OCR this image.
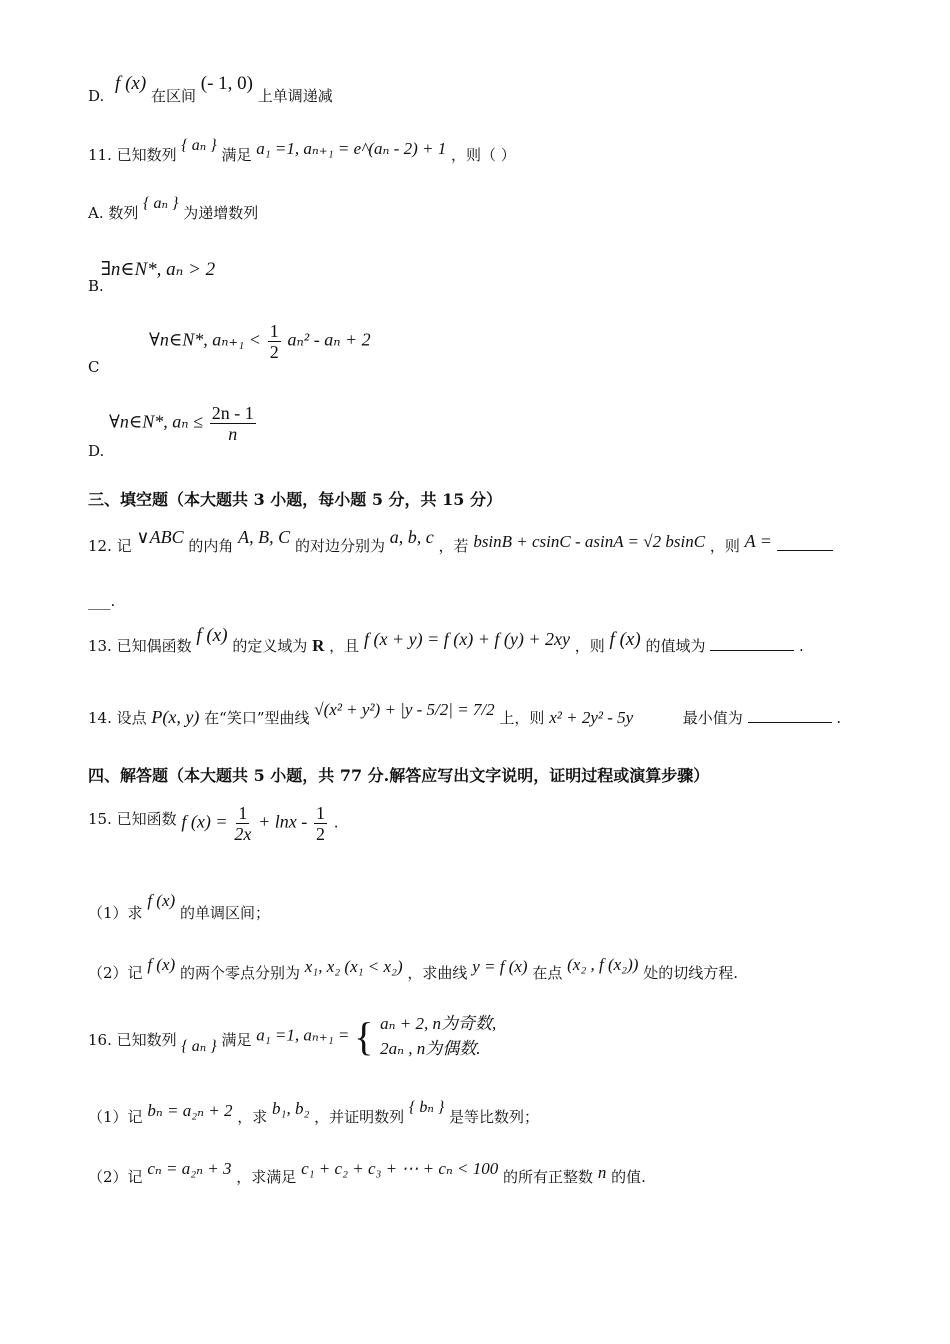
D. f (x) 在区间 (- 1, 0) 上单调递减
11. 已知数列 { aₙ } 满足 a₁ =1, aₙ₊₁ = e^(aₙ - 2) + 1 ，则（ ）
A. 数列 { aₙ } 为递增数列
B. ∃n∈N*, aₙ > 2
C  ∀n∈N*, $a_{n+1} < \frac{1}{2} a_n^2 - a_n + 2$
D. ∀n∈N*, $a_n \le \frac{2n - 1}{n}$
三、填空题（本大题共 3 小题，每小题 5 分，共 15 分）
12. 记 ∨ABC 的内角 A, B, C 的对边分别为 a, b, c ，若 bsinB + csinC - asinA = √2 bsinC ，则 A =
___.
13. 已知偶函数 f (x) 的定义域为 R ，且 f (x + y) = f (x) + f (y) + 2xy ，则 f (x) 的值域为	.
14. 设点 P(x, y) 在“笑口”型曲线 √(x² + y²) + |y - 5/2| = 7/2 上，则 x² + 2y² - 5y	最小值为	.
四、解答题（本大题共 5 小题，共 77 分.解答应写出文字说明，证明过程或演算步骤）
15. 已知函数 f $(x) = \frac{1}{2x} + \ln x - \frac{1}{2}$ .
（1）求 f (x) 的单调区间；
（2）记 f (x) 的两个零点分别为 x₁, x₂ (x₁ < x₂) ，求曲线 y = f (x) 在点 (x₂ , f (x₂)) 处的切线方程.
16. 已知数列 { aₙ } 满足 a₁ =1, aₙ₊₁ = { aₙ + 2, n为奇数,
2aₙ , n为偶数.
（1）记 bₙ = a₂ₙ + 2 ，求 b₁, b₂ ，并证明数列 { bₙ } 是等比数列；
（2）记 cₙ = a₂ₙ + 3 ，求满足 c₁ + c₂ + c₃ + ⋯ + cₙ < 100 的所有正整数 n 的值.
